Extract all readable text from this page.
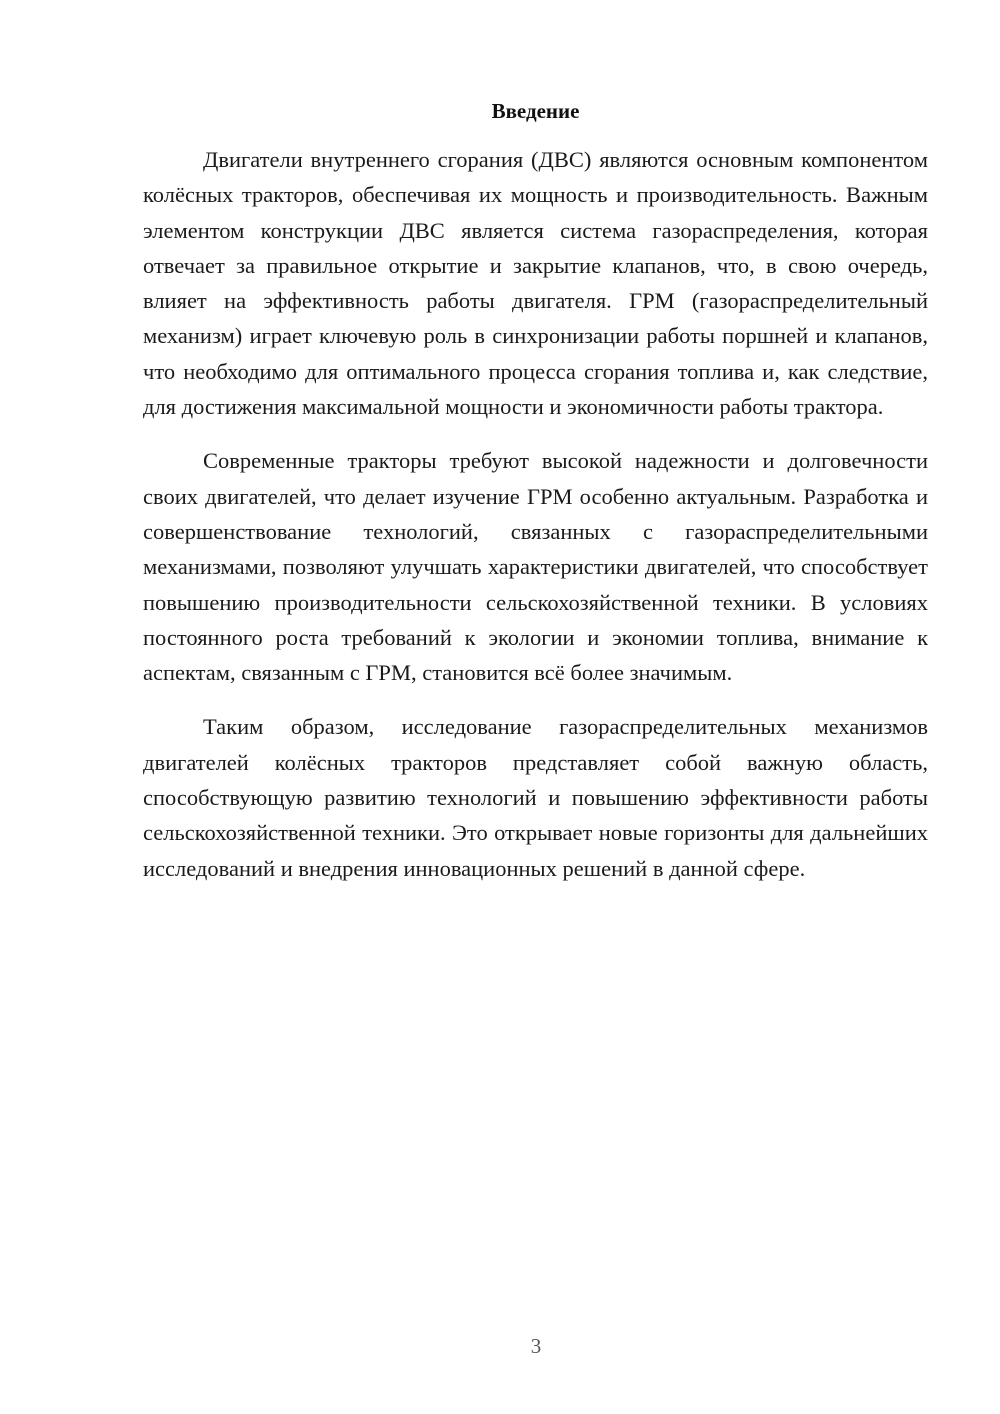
Введение

Двигатели внутреннего сгорания (ДВС) являются основным компонентом колёсных тракторов, обеспечивая их мощность и производительность. Важным элементом конструкции ДВС является система газораспределения, которая отвечает за правильное открытие и закрытие клапанов, что, в свою очередь, влияет на эффективность работы двигателя. ГРМ (газораспределительный механизм) играет ключевую роль в синхронизации работы поршней и клапанов, что необходимо для оптимального процесса сгорания топлива и, как следствие, для достижения максимальной мощности и экономичности работы трактора.

Современные тракторы требуют высокой надежности и долговечности своих двигателей, что делает изучение ГРМ особенно актуальным. Разработка и совершенствование технологий, связанных с газораспределительными механизмами, позволяют улучшать характеристики двигателей, что способствует повышению производительности сельскохозяйственной техники. В условиях постоянного роста требований к экологии и экономии топлива, внимание к аспектам, связанным с ГРМ, становится всё более значимым.

Таким образом, исследование газораспределительных механизмов двигателей колёсных тракторов представляет собой важную область, способствующую развитию технологий и повышению эффективности работы сельскохозяйственной техники. Это открывает новые горизонты для дальнейших исследований и внедрения инновационных решений в данной сфере.

3
